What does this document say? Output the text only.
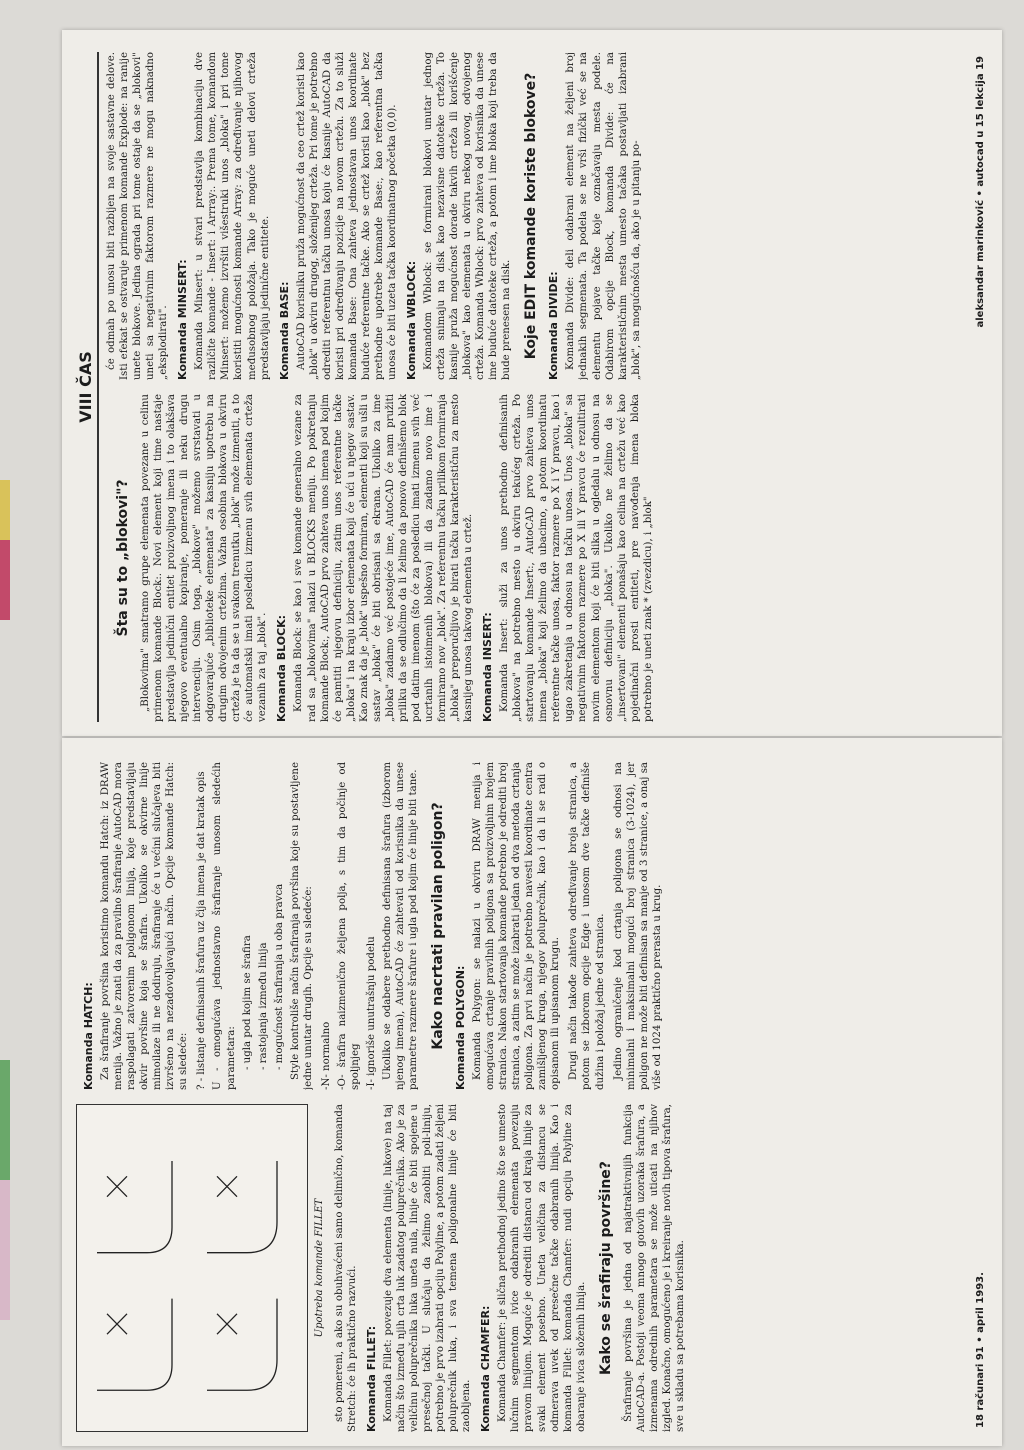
VIII ČAS
Šta su to „blokovi"? „Blokovima" smatramo grupe elemenata povezane u celinu primenom komande Block:. Novi element koji time nastaje predstavlja jedinični entitet proizvoljnog imena i to olakšava njegovo eventualno kopiranje, pomeranje ili neku drugu intervenciju. Osim toga, „blokove" možemo svrstavati u odgovarajuće „biblioteke elemenata" za kasniju upotrebu na drugim odvojenim crtežima. Važna osobina blokova u okviru crteža je ta da se u svakom trenutku „blok" može izmeniti, a to će automatski imati posledicu izmenu svih elemenata crteža vezanih za taj „blok". Komanda BLOCK: Komanda Block: se kao i sve komande generalno vezane za rad sa „blokovima" nalazi u BLOCKS meniju. Po pokretanju komande Block:, AutoCAD prvo zahteva unos imena pod kojim će pamtiti njegovu definiciju, zatim unos referentne tačke „bloka" i na kraju izbor elemenata koji će ući u njegov sastav. Kao znak da je „blok" uspešno formiran, elementi koji su ušli u sastav „bloka" će biti obrisani sa ekrana. Ukoliko za ime „bloka" zadamo već postojeće ime, AutoCAD će nam pružiti priliku da se odlučimo da li želimo da ponovo definišemo blok pod datim imenom (što će za posledicu imati izmenu svih već ucrtanih istoimenih blokova) ili da zadamo novo ime i formiramo nov „blok". Za referentnu tačku prilikom formiranja „bloka" preporučljivo je birati tačku karakterističnu za mesto kasnijeg unosa takvog elementa u crtež. Komanda INSERT: Komanda Insert: služi za unos prethodno definisanih „blokova" na potrebno mesto u okviru tekućeg crteža. Po startovanju komande Insert:, AutoCAD prvo zahteva unos imena „bloka" koji želimo da ubacimo, a potom koordinatu referentne tačke unosa, faktor razmere po X i Y pravcu, kao i ugao zakretanja u odnosu na tačku unosa. Unos „bloka" sa negativnim faktorom razmere po X ili Y pravcu će rezultirati novim elementom koji će biti slika u ogledalu u odnosu na osnovnu definiciju „bloka". Ukoliko ne želimo da se „insertovani" elementi ponašaju kao celina na crtežu već kao pojedinačni prosti entiteti, pre navođenja imena bloka potrebno je uneti znak * (zvezdicu), i „blok"

će odmah po unosu biti razbijen na svoje sastavne delove. Isti efekat se ostvaruje primenom komande Explode: na ranije unete blokove. Jedina ograda pri tome ostaje da se „blokovi" uneti sa negativnim faktorom razmere ne mogu naknadno „eksplodirati". Komanda MINSERT: Komanda Minsert: u stvari predstavlja kombinaciju dve različite komande - Insert: i Arrray:. Prema tome, komandom Minsert: možemo izvršiti višestruki unos „bloka" i pri tome koristiti mogućnosti komande Array: za određivanje njihovog međusobnog položaja. Tako je moguće uneti delovi crteža predstavljaju jedinične entitete. Komanda BASE: AutoCAD korisniku pruža mogućnost da ceo crtež koristi kao „blok" u okviru drugog, složenijeg crteža. Pri tome je potrebno odrediti referentnu tačku unosa koju će kasnije AutoCAD da koristi pri određivanju pozicije na novom crtežu. Za to služi komanda Base: Ona zahteva jednostavan unos koordinate buduće referentne tačke. Ako se crtež koristi kao „blok" bez prethodne upotrebe komande Base:, kao referentna tačka unosa će biti uzeta tačka koordinatnog početka (0,0). Komanda WBLOCK: Komandom Wblock: se formirani blokovi unutar jednog crteža snimaju na disk kao nezavisne datoteke crteža. To kasnije pruža mogućnost dorade takvih crteža ili korišćenje „blokova" kao elemenata u okviru nekog novog, odvojenog crteža. Komanda Wblock: prvo zahteva od korisnika da unese ime buduće datoteke crteža, a potom i ime bloka koji treba da bude prenesen na disk. Koje EDIT komande koriste blokove? Komanda DIVIDE: Komanda Divide: deli odabrani element na željeni broj jednakih segmenata. Ta podela se ne vrši fizički već se na elementu pojave tačke koje označavaju mesta podele. Odabirom opcije Block, komanda Divide: će na karakterističnim mesta umesto tačaka postavljati izabrani „blok", sa mogućnošću da, ako je u pitanju po-	aleksandar marinković • autocad u 15 lekcija 19
Upotreba komande FILLET sto pomereni, a ako su obuhvaćeni samo delimično, komanda Stretch: će ih praktično razvući. Komanda FILLET: Komanda Fillet: povezuje dva elementa (linije, lukove) na taj način što između njih crta luk zadatog poluprečnika. Ako je za veličinu poluprečnika luka uneta nula, linije će biti spojene u presečnoj tački. U slučaju da želimo zaobliti poli-liniju, potrebno je prvo izabrati opciju Polyline, a potom zadati željeni poluprečnik luka, i sva temena poligonalne linije će biti zaobljena. Komanda CHAMFER: Komanda Chamfer: je slična prethodnoj jedino što se umesto lučnim segmentom ivice odabranih elemenata povezuju pravom linijom. Moguće je odrediti distancu od kraja linije za svaki element posebno. Uneta veličina za distancu se odmerava uvek od presečne tačke odabranih linija. Kao i komanda Fillet: komanda Chamfer: nudi opciju Polyline za obaranje ivica složenih linija. Kako se šrafiraju površine? Šrafiranje površina je jedna od najatraktivnijih funkcija AutoCAD-a. Postoji veoma mnogo gotovih uzoraka šrafura, a izmenama odrednih parametara se može uticati na njihov izgled. Konačno, omogućeno je i kreiranje novih tipova šrafura, sve u skladu sa potrebama korisnika.

Komanda HATCH: Za šrafiranje površina koristimo komandu Hatch: iz DRAW menija. Važno je znati da za pravilno šrafiranje AutoCAD mora raspolagati zatvorenim poligonom linija, koje predstavljaju okvir površine koja se šrafira. Ukoliko se okvirne linije mimoilaze ili ne dodiruju, šrafiranje će u većini slučajeva biti izvršeno na nezadovoljavajući način. Opcije komande Hatch: su sledeće: ? - listanje definisanih šrafura uz čija imena je dat kratak opis U - omogućava jednostavno šrafiranje unosom sledećih parametara: - ugla pod kojim se šrafira - rastojanja između linija - mogućnost šrafiranja u oba pravca Style kontroliše način šrafiranja površina koje su postavljene jedne unutar drugih. Opcije su sledeće: -N- normalno -O- šrafira naizmenično željena polja, s tim da počinje od spoljnjeg -I- ignoriše unutrašnju podelu Ukoliko se odabere prethodno definisana šrafura (izborom njenog imena), AutoCAD će zahtevati od korisnika da unese parametre razmere šrafure i ugla pod kojim će linije biti tane. Kako nacrtati pravilan poligon? Komanda POLYGON: Komanda Polygon: se nalazi u okviru DRAW menija i omogućava crtanje pravilnih poligona sa proizvoljnim brojem stranica. Nakon startovanja komande potrebno je odrediti broj stranica, a zatim se može izabrati jedan od dva metoda crtanja poligona. Za prvi način je potrebno navesti koordinate centra zamišljenog kruga, njegov poluprečnik, kao i da li se radi o opisanom ili upisanom krugu. Drugi način takođe zahteva određivanje broja stranica, a potom se izborom opcije Edge i unosom dve tačke definiše dužina i položaj jedne od stranica. Jedino ograničenje kod crtanja poligona se odnosi na minimalni i maksimalni mogući broj stranica (3-1024), jer poligon ne može biti definisan sa manje od 3 stranice, a onaj sa više od 1024 praktično prerasta u krug.

18 računari 91 • april 1993.
